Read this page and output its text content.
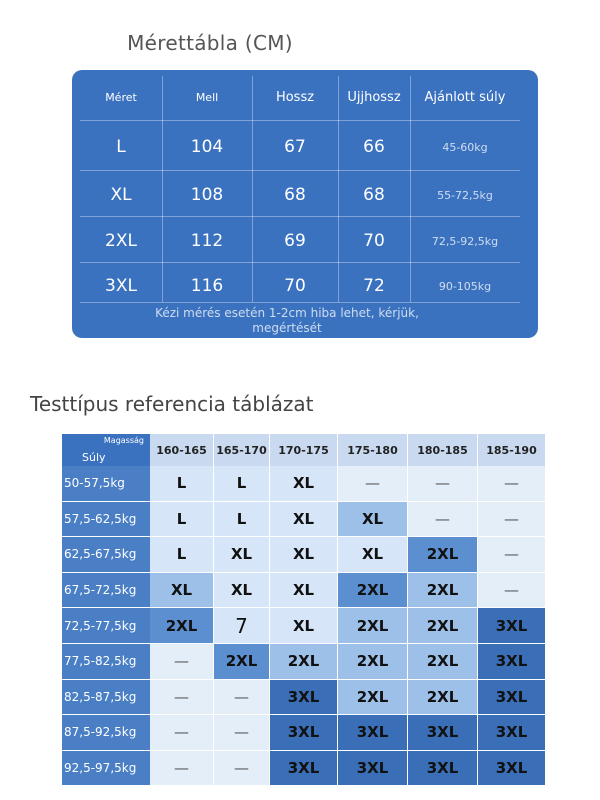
Mérettábla (CM)
Méret	Mell	Hossz	Ujjhossz	Ajánlott súly
L	104	67	66	45-60kg
XL	108	68	68	55-72,5kg
2XL	112	69	70	72,5-92,5kg
3XL	116	70	72	90-105kg
Kézi mérés esetén 1-2cm hiba lehet, kérjük,
megértését
Testtípus referencia táblázat
Magasság
Súly
160-165 165-170	170-175	175-180	180-185	185-190
50-57,5kg	L	L	XL	—	—	—
57,5-62,5kg	L	L	XL	XL	—	—
62,5-67,5kg	L	XL	XL	XL	2XL	—
67,5-72,5kg	XL	XL	XL	2XL	2XL	—
72,5-77,5kg	2XL	7	XL	2XL	2XL	3XL
77,5-82,5kg	—	2XL	2XL	2XL	2XL	3XL
82,5-87,5kg	—	—	3XL	2XL	2XL	3XL
87,5-92,5kg	—	—	3XL	3XL	3XL	3XL
92,5-97,5kg	—	—	3XL	3XL	3XL	3XL
